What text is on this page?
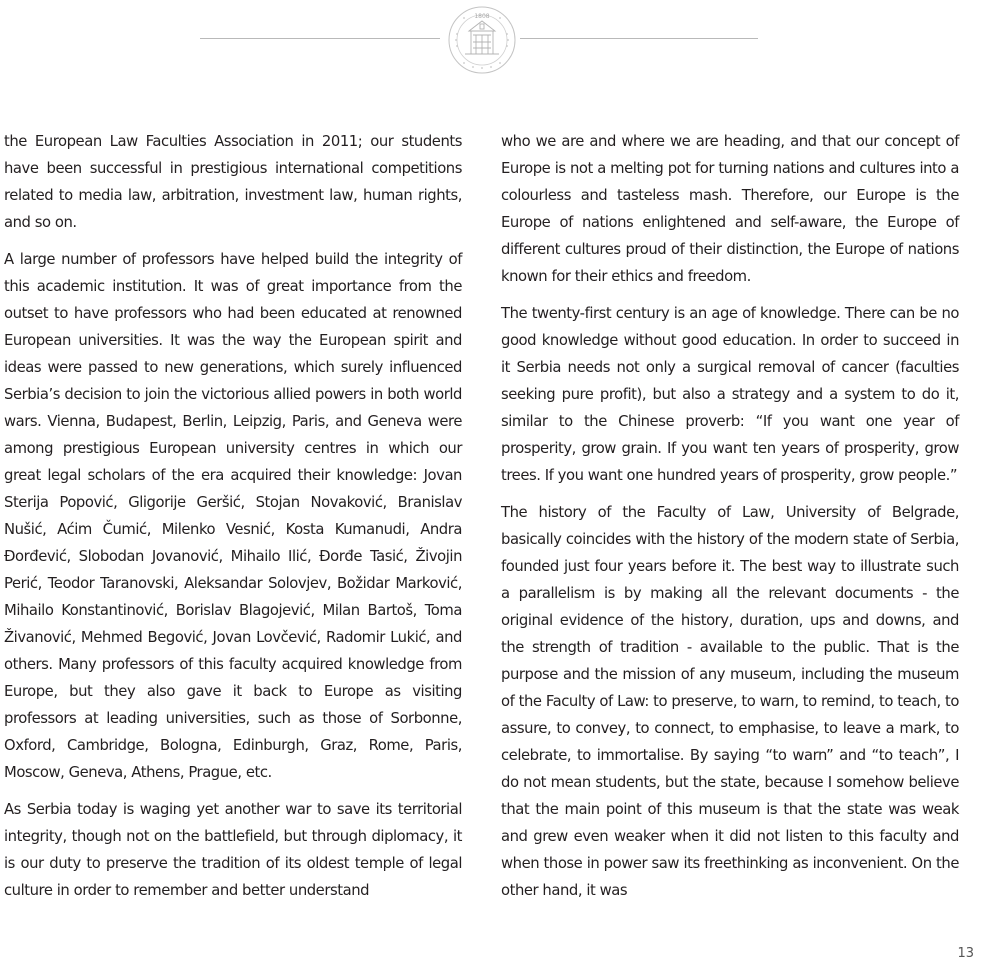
1808

the European Law Faculties Association in 2011; our students have been successful in prestigious international competitions related to media law, arbitration, investment law, human rights, and so on.

A large number of professors have helped build the integrity of this academic institution. It was of great importance from the outset to have professors who had been educated at renowned European universities. It was the way the European spirit and ideas were passed to new generations, which surely influenced Serbia’s decision to join the victorious allied powers in both world wars. Vienna, Budapest, Berlin, Leipzig, Paris, and Geneva were among prestigious European university centres in which our great legal scholars of the era acquired their knowledge: Jovan Sterija Popović, Gligorije Geršić, Stojan Novaković, Branislav Nušić, Aćim Čumić, Milenko Vesnić, Kosta Kumanudi, Andra Đorđević, Slobodan Jovanović, Mihailo Ilić, Đorđe Tasić, Živojin Perić, Teodor Taranovski, Aleksandar Solovjev, Božidar Marković, Mihailo Konstantinović, Borislav Blagojević, Milan Bartoš, Toma Živanović, Mehmed Begović, Jovan Lovčević, Radomir Lukić, and others. Many professors of this faculty acquired knowledge from Europe, but they also gave it back to Europe as visiting professors at leading universities, such as those of Sorbonne, Oxford, Cambridge, Bologna, Edinburgh, Graz, Rome, Paris, Moscow, Geneva, Athens, Prague, etc.

As Serbia today is waging yet another war to save its territorial integrity, though not on the battlefield, but through diplomacy, it is our duty to preserve the tradition of its oldest temple of legal culture in order to remember and better understand

who we are and where we are heading, and that our concept of Europe is not a melting pot for turning nations and cultures into a colourless and tasteless mash. Therefore, our Europe is the Europe of nations enlightened and self-aware, the Europe of different cultures proud of their distinction, the Europe of nations known for their ethics and freedom.

The twenty-first century is an age of knowledge. There can be no good knowledge without good education. In order to succeed in it Serbia needs not only a surgical removal of cancer (faculties seeking pure profit), but also a strategy and a system to do it, similar to the Chinese proverb: “If you want one year of prosperity, grow grain. If you want ten years of prosperity, grow trees. If you want one hundred years of prosperity, grow people.”

The history of the Faculty of Law, University of Belgrade, basically coincides with the history of the modern state of Serbia, founded just four years before it. The best way to illustrate such a parallelism is by making all the relevant documents - the original evidence of the history, duration, ups and downs, and the strength of tradition - available to the public. That is the purpose and the mission of any museum, including the museum of the Faculty of Law: to preserve, to warn, to remind, to teach, to assure, to convey, to connect, to emphasise, to leave a mark, to celebrate, to immortalise. By saying “to warn” and “to teach”, I do not mean students, but the state, because I somehow believe that the main point of this museum is that the state was weak and grew even weaker when it did not listen to this faculty and when those in power saw its freethinking as inconvenient. On the other hand, it was

13
